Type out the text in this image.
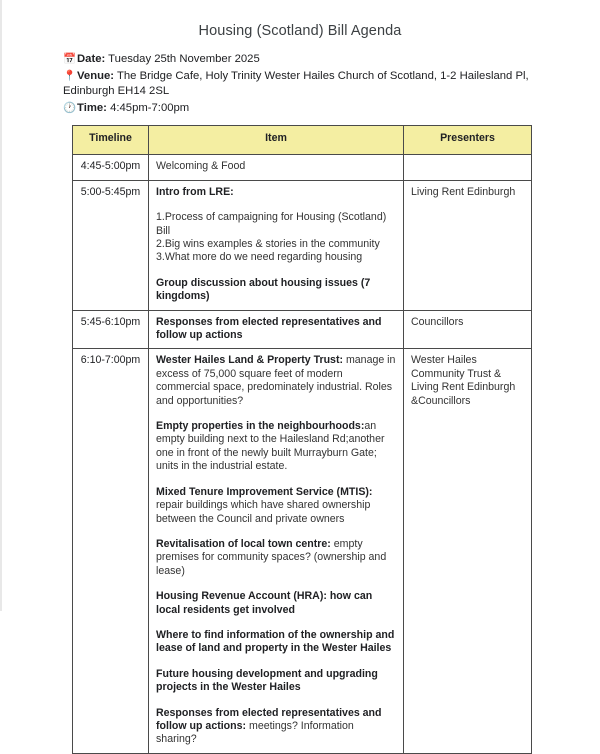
Housing (Scotland) Bill Agenda
📅Date: Tuesday 25th November 2025
📍Venue: The Bridge Cafe, Holy Trinity Wester Hailes Church of Scotland, 1-2 Hailesland Pl, Edinburgh EH14 2SL
🕐Time: 4:45pm-7:00pm
Timeline	Item	Presenters
4:45-5:00pm	Welcoming & Food	

5:00-5:45pm	Intro from LRE:
1.Process of campaigning for Housing (Scotland) Bill
2.Big wins examples & stories in the community
3.What more do we need regarding housing
Group discussion about housing issues (7 kingdoms)
	Living Rent Edinburgh
5:45-6:10pm	Responses from elected representatives and follow up actions	Councillors
6:10-7:00pm	Wester Hailes Land & Property Trust: manage in excess of 75,000 square feet of modern commercial space, predominately industrial. Roles and opportunities?
Empty properties in the neighbourhoods:an empty building next to the Hailesland Rd;another one in front of the newly built Murrayburn Gate; units in the industrial estate.
Mixed Tenure Improvement Service (MTIS): repair buildings which have shared ownership between the Council and private owners
Revitalisation of local town centre: empty premises for community spaces? (ownership and lease)
Housing Revenue Account (HRA): how can local residents get involved
Where to find information of the ownership and lease of land and property in the Wester Hailes
Future housing development and upgrading projects in the Wester Hailes
Responses from elected representatives and follow up actions: meetings? Information sharing?
	Wester Hailes Community Trust & Living Rent Edinburgh &Councillors
